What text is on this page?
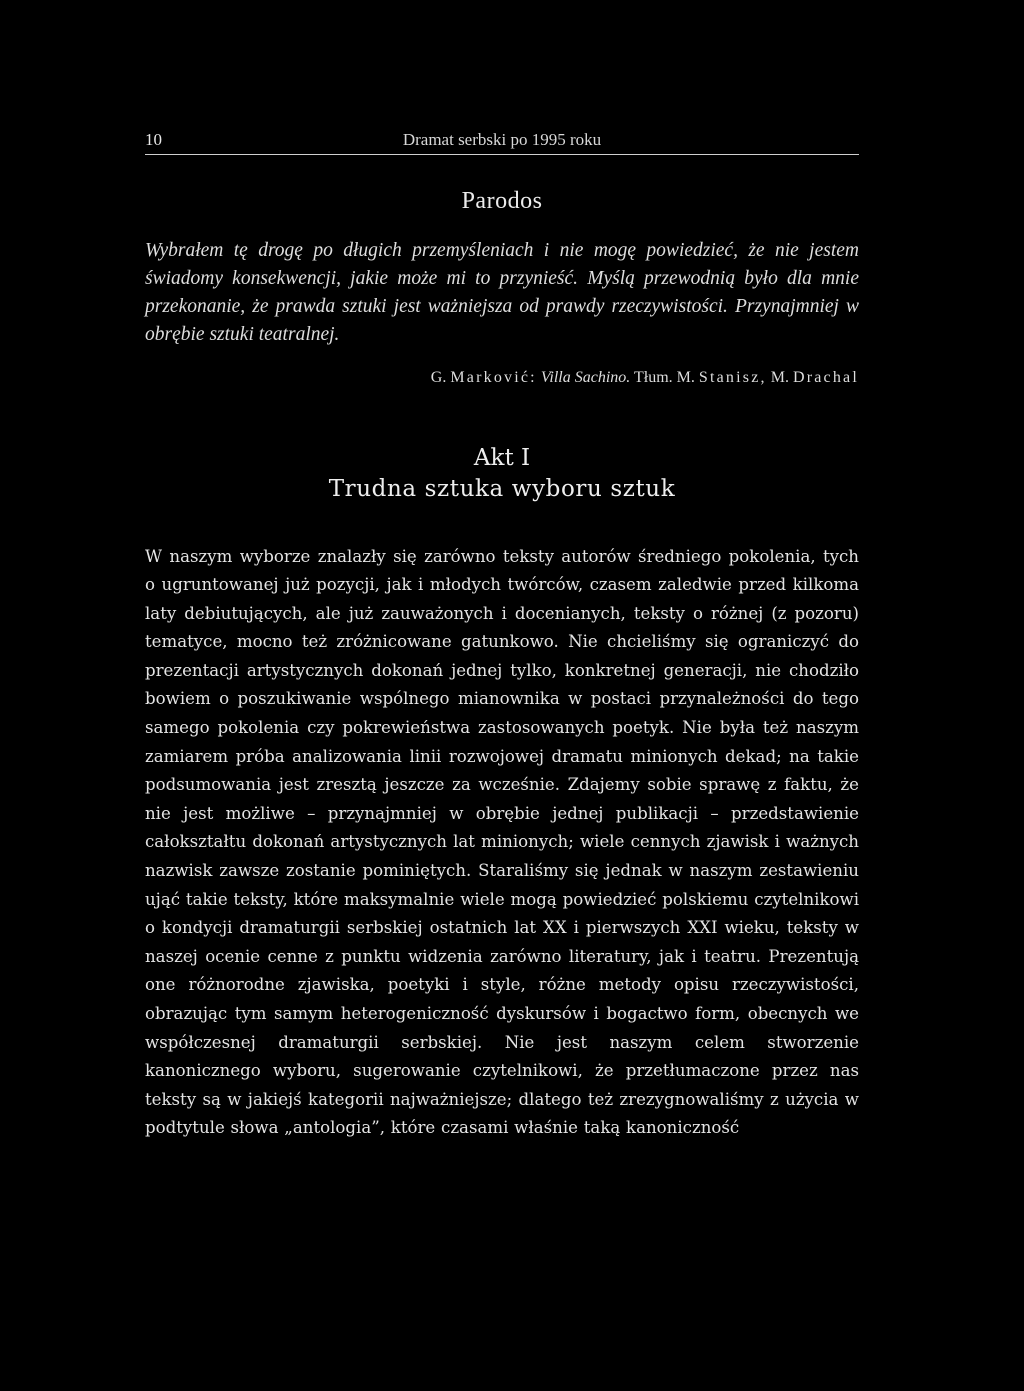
10	Dramat serbski po 1995 roku
Parodos

Wybrałem tę drogę po długich przemyśleniach i nie mogę powiedzieć, że nie jestem świadomy konsekwencji, jakie może mi to przynieść. Myślą przewodnią było dla mnie przekonanie, że prawda sztuki jest ważniejsza od prawdy rzeczywistości. Przynajmniej w obrębie sztuki teatralnej.

G. Marković: Villa Sachino. Tłum. M. Stanisz, M. Drachal
Akt I
Trudna sztuka wyboru sztuk

W naszym wyborze znalazły się zarówno teksty autorów średniego pokolenia, tych o ugruntowanej już pozycji, jak i młodych twórców, czasem zaledwie przed kilkoma laty debiutujących, ale już zauważonych i docenianych, teksty o różnej (z pozoru) tematyce, mocno też zróżnicowane gatunkowo. Nie chcieliśmy się ograniczyć do prezentacji artystycznych dokonań jednej tylko, konkretnej generacji, nie chodziło bowiem o poszukiwanie wspólnego mianownika w postaci przynależności do tego samego pokolenia czy pokrewieństwa zastosowanych poetyk. Nie była też naszym zamiarem próba analizowania linii rozwojowej dramatu minionych dekad; na takie podsumowania jest zresztą jeszcze za wcześnie. Zdajemy sobie sprawę z faktu, że nie jest możliwe – przynajmniej w obrębie jednej publikacji – przedstawienie całokształtu dokonań artystycznych lat minionych; wiele cennych zjawisk i ważnych nazwisk zawsze zostanie pominiętych. Staraliśmy się jednak w naszym zestawieniu ująć takie teksty, które maksymalnie wiele mogą powiedzieć polskiemu czytelnikowi o kondycji dramaturgii serbskiej ostatnich lat XX i pierwszych XXI wieku, teksty w naszej ocenie cenne z punktu widzenia zarówno literatury, jak i teatru. Prezentują one różnorodne zjawiska, poetyki i style, różne metody opisu rzeczywistości, obrazując tym samym heterogeniczność dyskursów i bogactwo form, obecnych we współczesnej dramaturgii serbskiej. Nie jest naszym celem stworzenie kanonicznego wyboru, sugerowanie czytelnikowi, że przetłumaczone przez nas teksty są w jakiejś kategorii najważniejsze; dlatego też zrezygnowaliśmy z użycia w podtytule słowa „antologia”, które czasami właśnie taką kanoniczność
